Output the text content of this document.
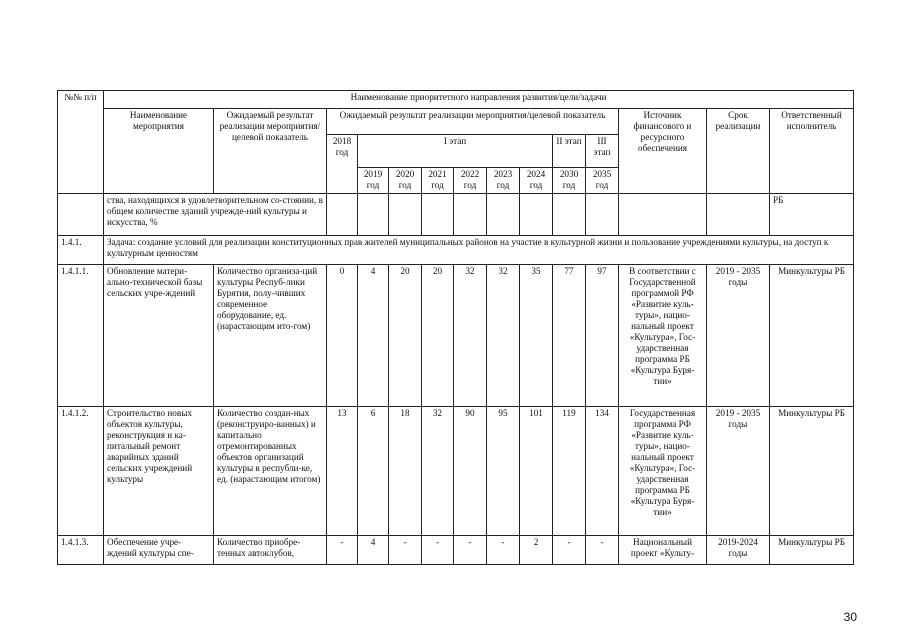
№№ п/п	Наименование приоритетного направления развития/цели/задачи													
	Наименование мероприятия	Ожидаемый результат реализации мероприятия/целевой показатель	Ожидаемый результат реализации мероприятия/целевой показатель									Источник финансового и ресурсного обеспечения	Срок реализации	Ответственный исполнитель
			2018 год	I этап						II этап	III этап			
				2019 год	2020 год	2021 год	2022 год	2023 год	2024 год	2030 год	2035 год			
	ства, находящихся в удовлетворительном со-стоянии, в общем количестве зданий учрежде-ний культуры и искусства, %													РБ
1.4.1.	Задача: создание условий для реализации конституционных прав жителей муниципальных районов на участие в культурной жизни и пользование учреждениями культуры, на доступ к культурным ценностям													
1.4.1.1.	Обновление матери-ально-технической базы сельских учре-ждений	Количество организа-ций культуры Респуб-лики Бурятия, полу-чивших современное оборудование, ед. (нарастающим ито-гом)	0	4	20	20	32	32	35	77	97	В соответствии с Государственной программой РФ «Развитие куль-туры», нацио-нальный проект «Культура», Гос-ударственная программа РБ «Культура Буря-тии»	2019 - 2035 годы	Минкультуры РБ
1.4.1.2.	Строительство новых объектов культуры, реконструкция и ка-питальный ремонт аварийных зданий сельских учреждений культуры	Количество создан-ных (реконструиро-ванных) и капитально отремонтированных объектов организаций культуры в республи-ке, ед. (нарастающим итогом)	13	6	18	32	90	95	101	119	134	Государственная программа РФ «Развитие куль-туры», нацио-нальный проект «Культура», Гос-ударственная программа РБ «Культура Буря-тии»	2019 - 2035 годы	Минкультуры РБ
1.4.1.3.	Обеспечение учре-ждений культуры спе-	Количество приобре-тенных автоклубов,	-	4	-	-	-	-	2	-	-	Национальный проект «Культу-	2019-2024 годы	Минкультуры РБ
30
